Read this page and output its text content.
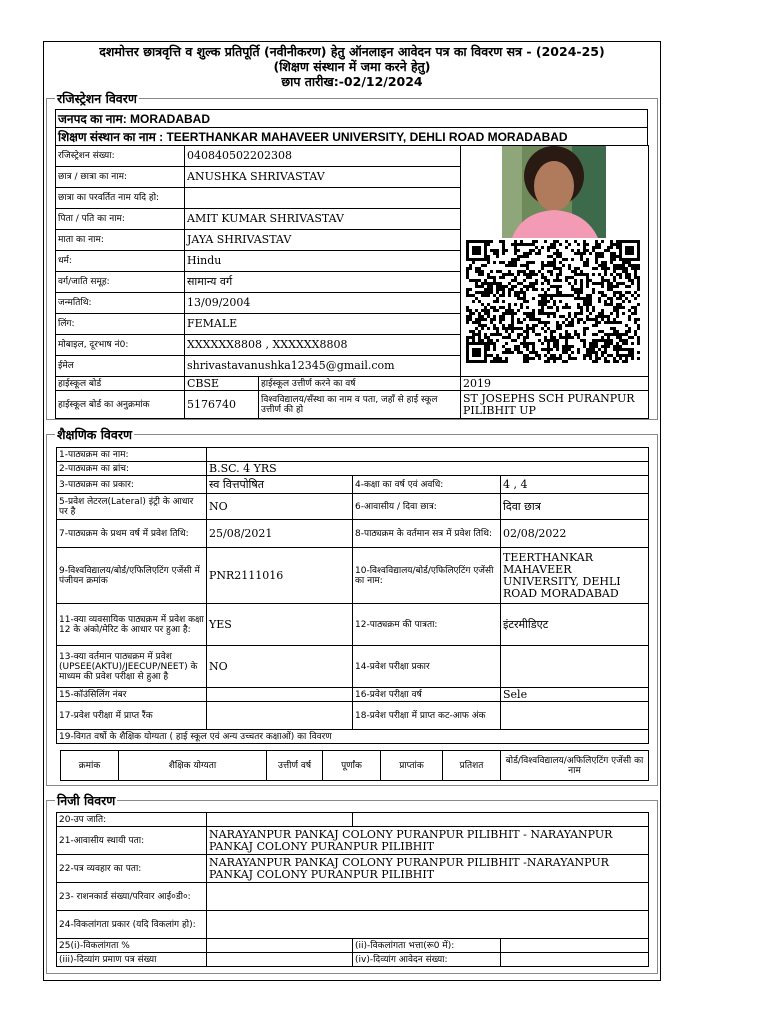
दशमोत्तर छात्रवृत्ति व शुल्क प्रतिपूर्ति (नवीनीकरण) हेतु ऑनलाइन आवेदन पत्र का विवरण सत्र - (2024-25)
(शिक्षण संस्थान में जमा करने हेतु)
छाप तारीख:-02/12/2024
रजिस्ट्रेशन विवरण
जनपद का नाम: MORADABAD
शिक्षण संस्थान का नाम : TEERTHANKAR MAHAVEER UNIVERSITY, DEHLI ROAD MORADABAD
रजिस्ट्रेशन संख्या:	040840502202308		
छात्र / छात्रा का नाम:	ANUSHKA SHRIVASTAV		
छात्रा का परवर्तित नाम यदि हो:			
पिता / पति का नाम:	AMIT KUMAR SHRIVASTAV		
माता का नाम:	JAYA SHRIVASTAV		
धर्म:	Hindu		
वर्ग/जाति समूह:	सामान्य वर्ग		
जन्मतिथि:	13/09/2004		
लिंग:	FEMALE		
मोबाइल, दूरभाष नं0:	XXXXXX8808 , XXXXXX8808		
ईमेल	shrivastavanushka12345@gmail.com		
हाईस्कूल बोर्ड	CBSE	हाईस्कूल उत्तीर्ण करने का वर्ष	2019
हाईस्कूल बोर्ड का अनुक्रमांक	5176740	विश्वविद्यालय/सँस्था का नाम व पता, जहाँ से हाई स्कूल उत्तीर्ण की हो	ST JOSEPHS SCH PURANPUR PILIBHIT UP
शैक्षणिक विवरण
1-पाठ्यक्रम का नाम:			
2-पाठ्यक्रम का ब्रांच:	B.SC. 4 YRS		
3-पाठ्यक्रम का प्रकार:	स्व वित्तपोषित	4-कक्षा का वर्ष एवं अवधि:	4 , 4
5-प्रवेश लेटरल(Lateral) इंट्री के आधार पर है	NO	6-आवासीय / दिवा छात्र:	दिवा छात्र
7-पाठ्यक्रम के प्रथम वर्ष में प्रवेश तिथि:	25/08/2021	8-पाठ्यक्रम के वर्तमान सत्र में प्रवेश तिथि:	02/08/2022
9-विश्वविद्यालय/बोर्ड/एफिलिएटिंग एजेंसी में पंजीयन क्रमांक	PNR2111016	10-विश्वविद्यालय/बोर्ड/एफिलिएटिंग एजेंसी का नाम:	TEERTHANKAR MAHAVEER UNIVERSITY, DEHLI ROAD MORADABAD
11-क्या व्यवसायिक पाठ्यक्रम में प्रवेश कक्षा 12 के अंको/मेरिट के आधार पर हुआ है:	YES	12-पाठ्यक्रम की पात्रता:	इंटरमीडिएट
13-क्या वर्तमान पाठ्यक्रम में प्रवेश (UPSEE(AKTU)/JEECUP/NEET) के माध्यम की प्रवेश परीक्षा से हुआ है	NO	14-प्रवेश परीक्षा प्रकार	
15-कॉउंसिलिंग नंबर		16-प्रवेश परीक्षा वर्ष	Sele
17-प्रवेश परीक्षा में प्राप्त रैंक		18-प्रवेश परीक्षा में प्राप्त कट-आफ अंक	
19-विगत वर्षो के शैक्षिक योग्यता ( हाई स्कूल एवं अन्य उच्चतर कक्षाओं) का विवरण			
क्रमांक	शैक्षिक योग्यता	उत्तीर्ण वर्ष	पूर्णांक	प्राप्तांक	प्रतिशत	बोर्ड/विश्वविद्यालय/अफिलिएटिंग एजेंसी का नाम
निजी विवरण
20-उप जाति:			
21-आवासीय स्थायी पता:	NARAYANPUR PANKAJ COLONY PURANPUR PILIBHIT - NARAYANPUR PANKAJ COLONY PURANPUR PILIBHIT		
22-पत्र व्यवहार का पता:	NARAYANPUR PANKAJ COLONY PURANPUR PILIBHIT -NARAYANPUR PANKAJ COLONY PURANPUR PILIBHIT		
23- राशनकार्ड संख्या/परिवार आई०डी०:			
24-विकलांगता प्रकार (यदि विकलांग हो):			
25(i)-विकलांगता %		(ii)-विकलांगता भत्ता(रू0 में):	
(iii)-दिव्यांग प्रमाण पत्र संख्या		(iv)-दिव्यांग आवेदन संख्या:	
